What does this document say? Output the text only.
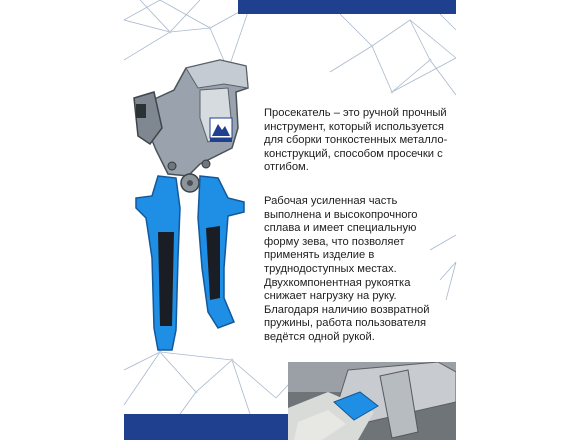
Просекатель – это ручной прочный
инструмент, который используется
для сборки тонкостенных металло-
конструкций, способом просечки с
отгибом.

Рабочая усиленная часть
выполнена и высокопрочного
сплава и имеет специальную
форму зева, что позволяет
применять изделие в
труднодоступных местах.
Двухкомпонентная рукоятка
снижает нагрузку на руку.
Благодаря наличию возвратной
пружины, работа пользователя
ведётся одной рукой.
